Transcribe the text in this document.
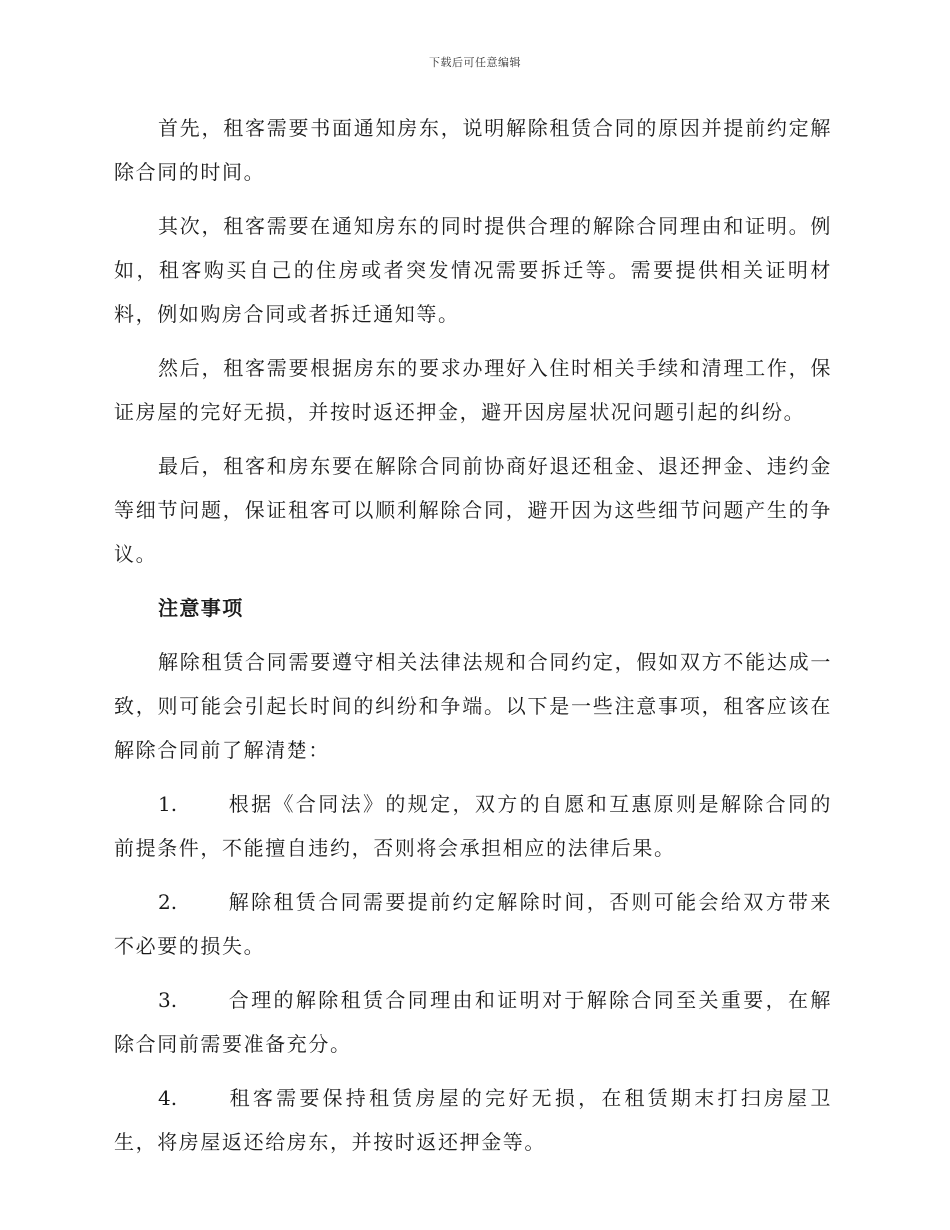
下载后可任意编辑

首先，租客需要书面通知房东，说明解除租赁合同的原因并提前约定解除合同的时间。

其次，租客需要在通知房东的同时提供合理的解除合同理由和证明。例如，租客购买自己的住房或者突发情况需要拆迁等。需要提供相关证明材料，例如购房合同或者拆迁通知等。

然后，租客需要根据房东的要求办理好入住时相关手续和清理工作，保证房屋的完好无损，并按时返还押金，避开因房屋状况问题引起的纠纷。

最后，租客和房东要在解除合同前协商好退还租金、退还押金、违约金等细节问题，保证租客可以顺利解除合同，避开因为这些细节问题产生的争议。

注意事项

解除租赁合同需要遵守相关法律法规和合同约定，假如双方不能达成一致，则可能会引起长时间的纠纷和争端。以下是一些注意事项，租客应该在解除合同前了解清楚：

1.	根据《合同法》的规定，双方的自愿和互惠原则是解除合同的前提条件，不能擅自违约，否则将会承担相应的法律后果。

2.	解除租赁合同需要提前约定解除时间，否则可能会给双方带来不必要的损失。

3.	合理的解除租赁合同理由和证明对于解除合同至关重要，在解除合同前需要准备充分。

4.	租客需要保持租赁房屋的完好无损，在租赁期末打扫房屋卫生，将房屋返还给房东，并按时返还押金等。
